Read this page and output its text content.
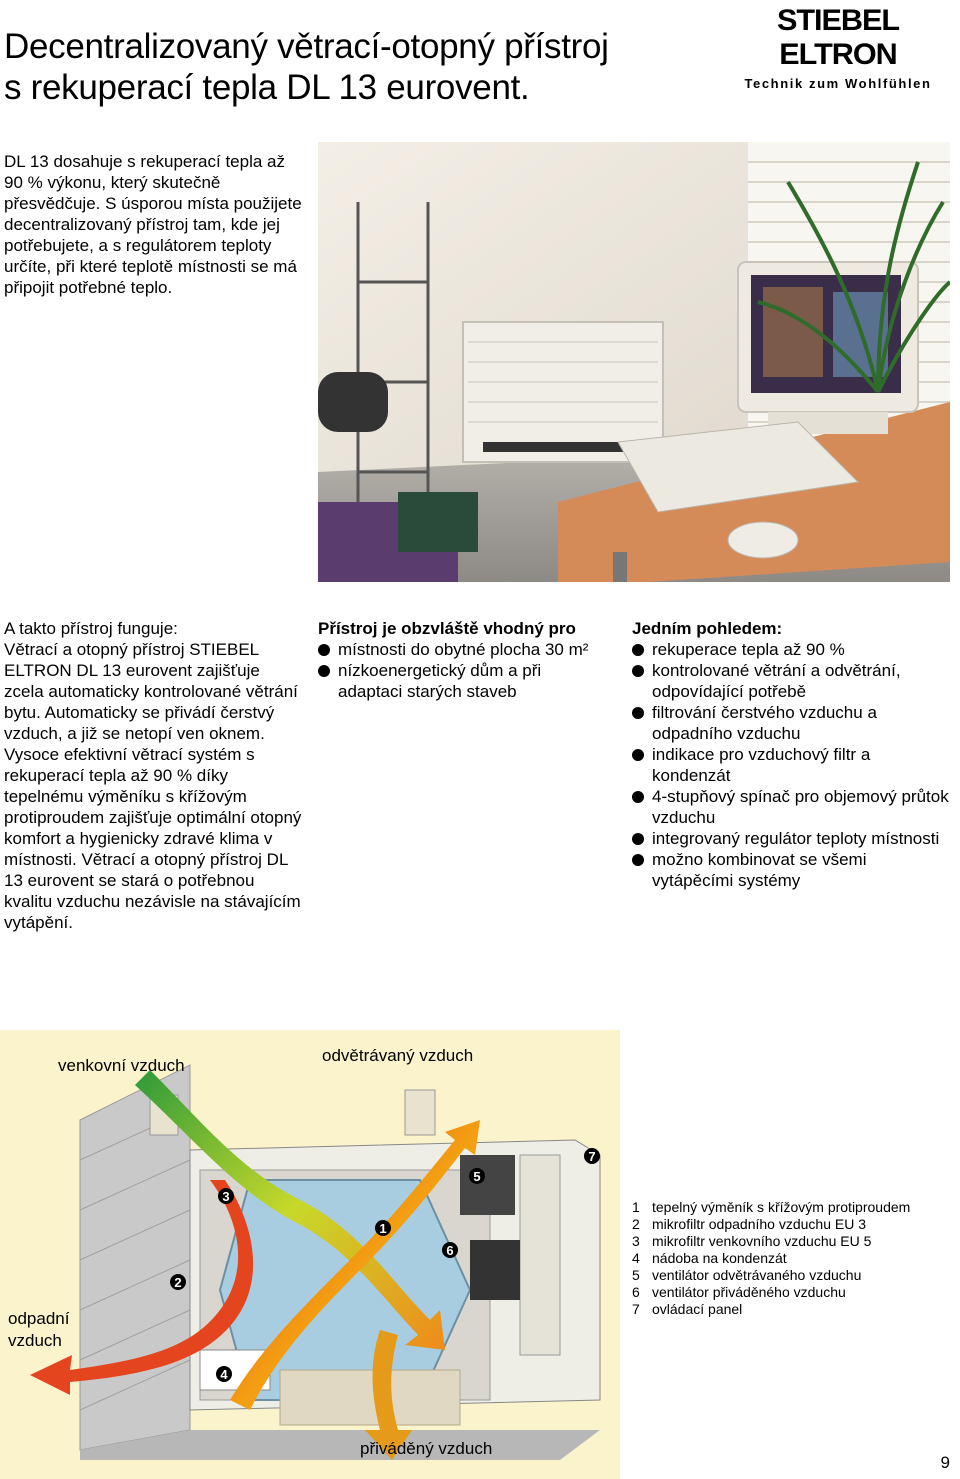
Decentralizovaný větrací-otopný přístroj
s rekuperací tepla DL 13 eurovent.
STIEBEL ELTRON
Technik zum Wohlfühlen
DL 13 dosahuje s rekuperací tepla až 90 % výkonu, který skutečně přesvědčuje. S úsporou místa použijete decentralizovaný přístroj tam, kde jej potřebujete, a s regulátorem teploty určíte, při které teplotě místnosti se má připojit potřebné teplo.
A takto přístroj funguje:
Větrací a otopný přístroj STIEBEL ELTRON DL 13 eurovent zajišťuje zcela automaticky kontrolované větrání bytu. Automaticky se přivádí čerstvý vzduch, a již se netopí ven oknem. Vysoce efektivní větrací systém s rekuperací tepla až 90 % díky tepelnému výměníku s křížovým protiproudem zajišťuje optimální otopný komfort a hygienicky zdravé klima v místnosti. Větrací a otopný přístroj DL 13 eurovent se stará o potřebnou kvalitu vzduchu nezávisle na stávajícím vytápění.
Přístroj je obzvláště vhodný pro
místnosti do obytné plocha 30 m²
nízkoenergetický dům a při adaptaci starých staveb
Jedním pohledem:
rekuperace tepla až 90 %
kontrolované větrání a odvětrání, odpovídající potřebě
filtrování čerstvého vzduchu a odpadního vzduchu
indikace pro vzduchový filtr a kondenzát
4-stupňový spínač pro objemový průtok vzduchu
integrovaný regulátor teploty místnosti
možno kombinovat se všemi vytápěcími systémy
1
2
3
4
5
6
7
venkovní vzduch
odvětrávaný vzduch
odpadní
vzduch
přiváděný vzduch
1 tepelný výměník s křížovým protiproudem
2 mikrofiltr odpadního vzduchu EU 3
3 mikrofiltr venkovního vzduchu EU 5
4 nádoba na kondenzát
5 ventilátor odvětrávaného vzduchu
6 ventilátor přiváděného vzduchu
7 ovládací panel
9
